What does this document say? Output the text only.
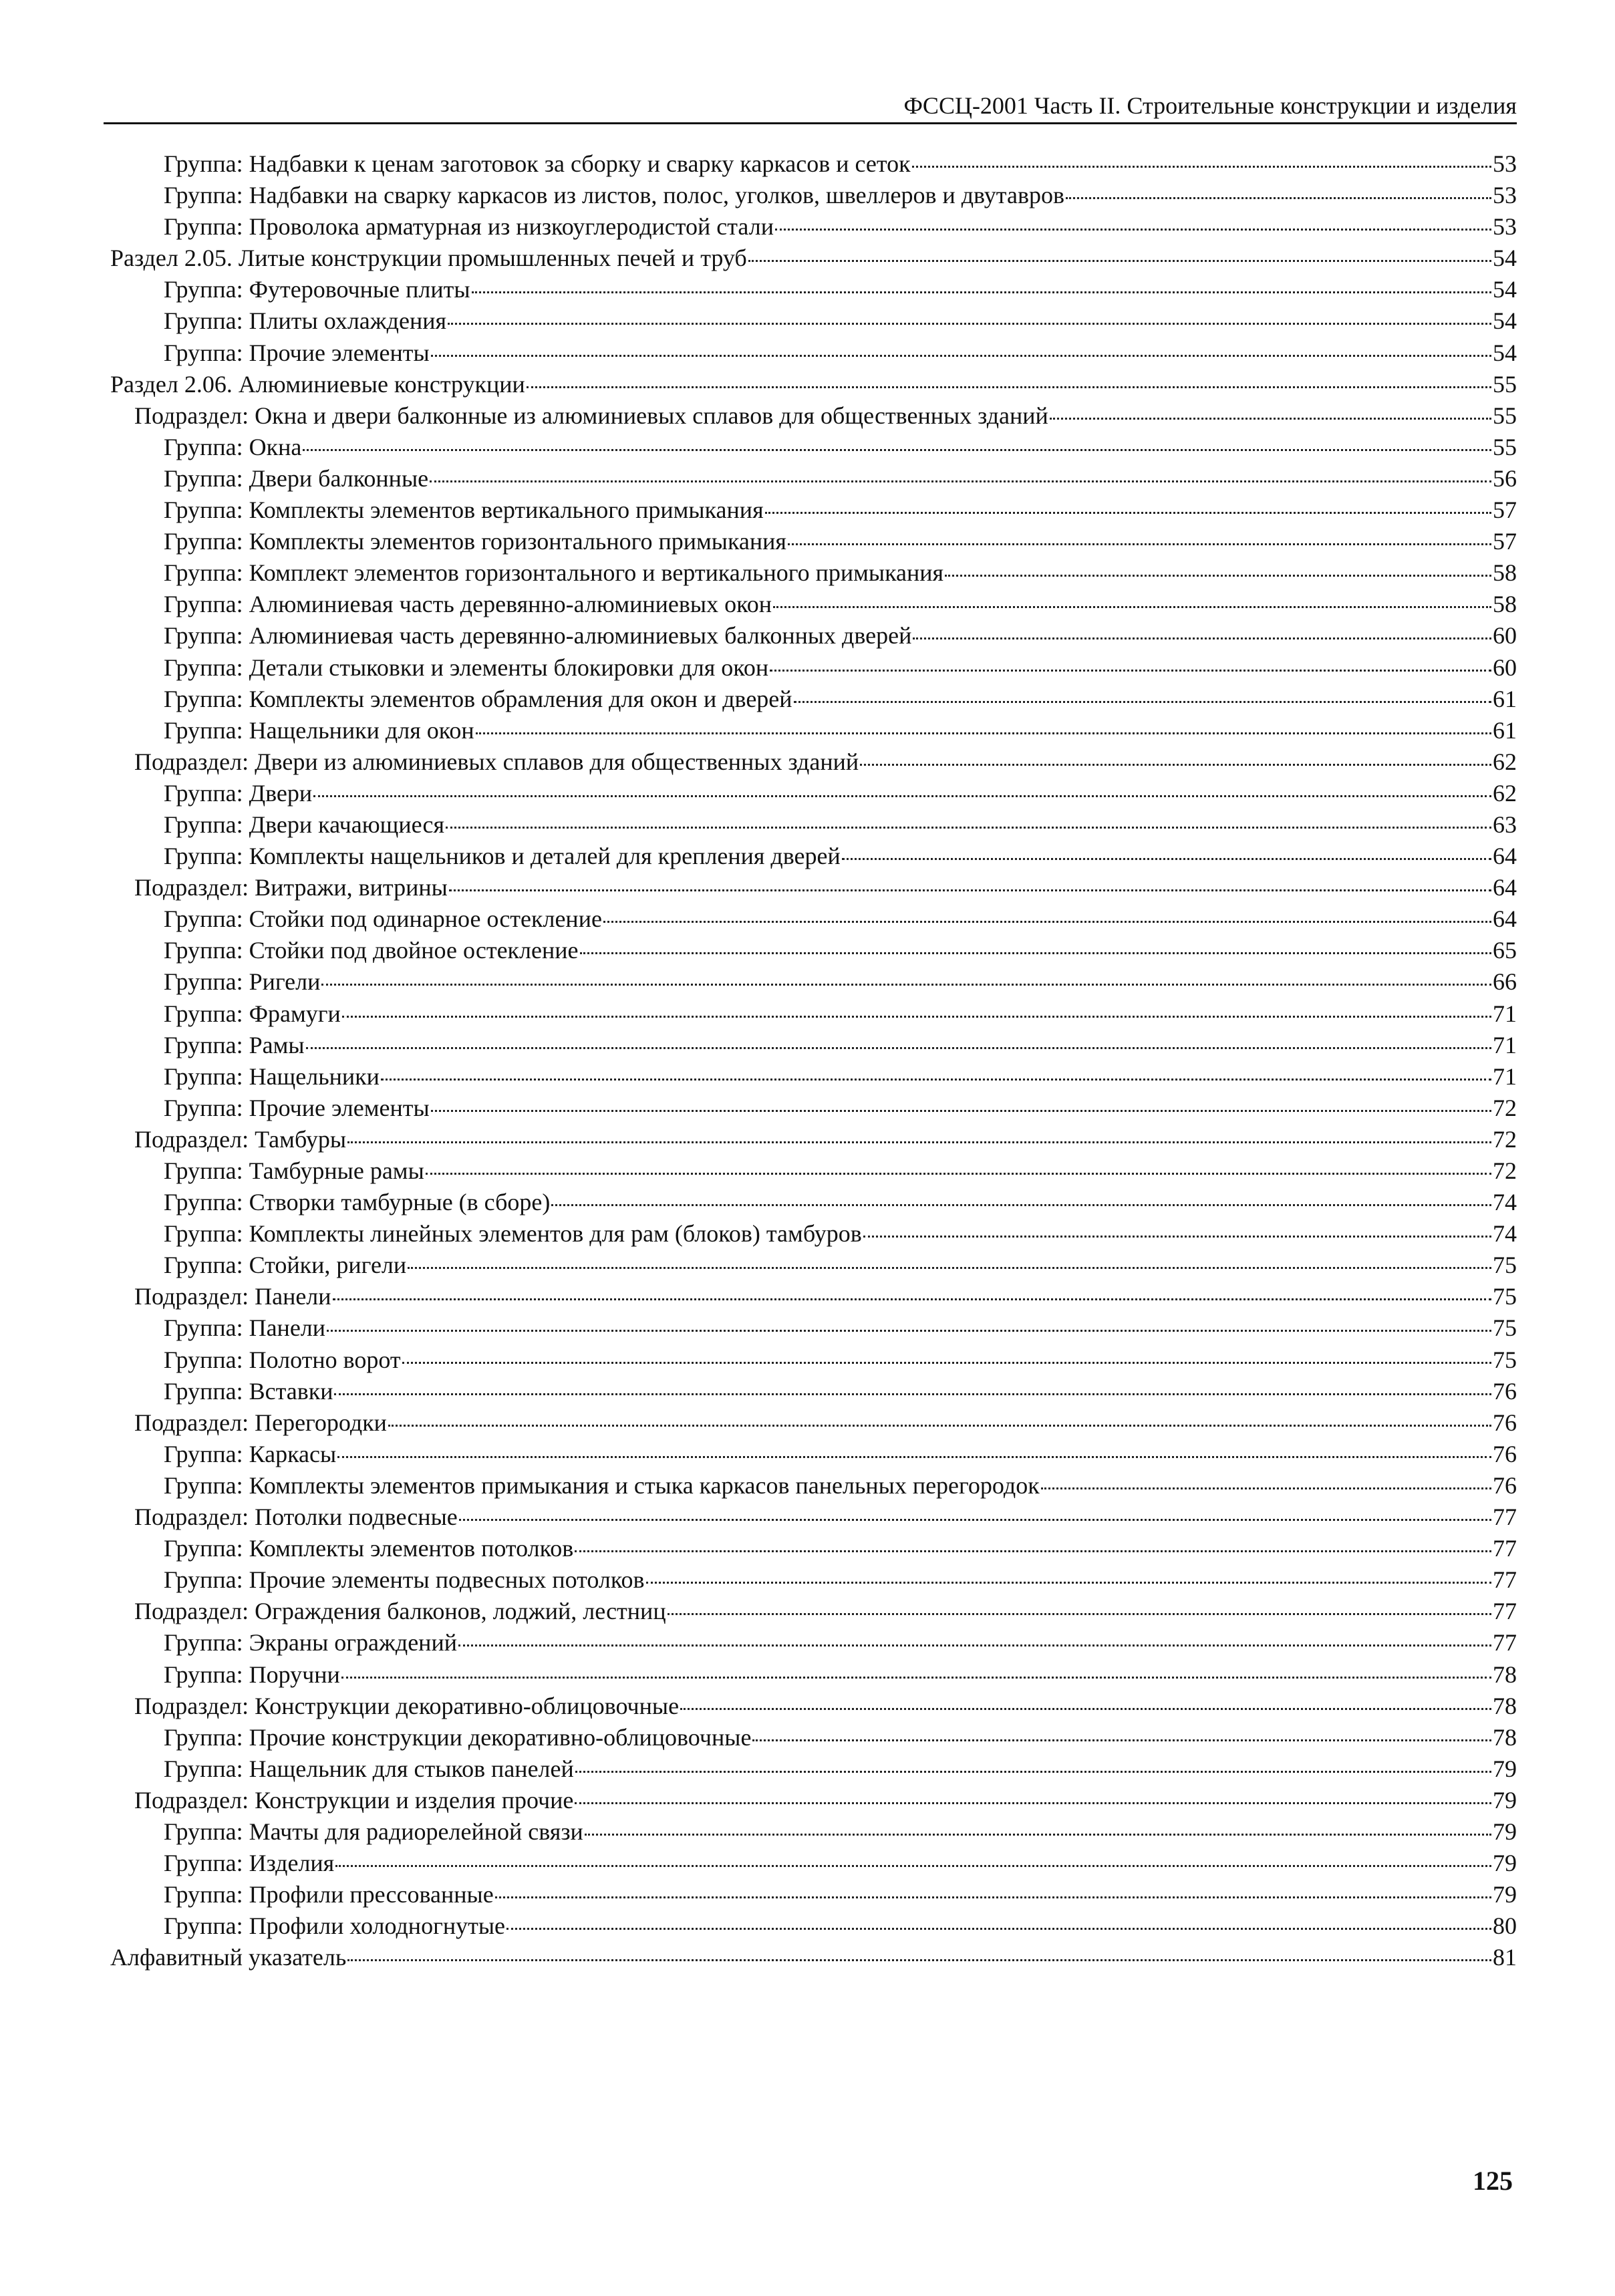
ФССЦ-2001 Часть II. Строительные конструкции и изделия
Группа: Надбавки к ценам заготовок за сборку и сварку каркасов и сеток	53
Группа: Надбавки на сварку каркасов из листов, полос, уголков, швеллеров и двутавров	53
Группа: Проволока арматурная из низкоуглеродистой стали	53
Раздел 2.05. Литые конструкции промышленных печей и труб	54
Группа: Футеровочные плиты	54
Группа: Плиты охлаждения	54
Группа: Прочие элементы	54
Раздел 2.06. Алюминиевые конструкции	55
Подраздел: Окна и двери балконные из алюминиевых сплавов для общественных зданий	55
Группа: Окна	55
Группа: Двери балконные	56
Группа: Комплекты элементов вертикального примыкания	57
Группа: Комплекты элементов горизонтального примыкания	57
Группа: Комплект элементов горизонтального и вертикального примыкания	58
Группа: Алюминиевая часть деревянно-алюминиевых окон	58
Группа: Алюминиевая часть деревянно-алюминиевых балконных дверей	60
Группа: Детали стыковки и элементы блокировки для окон	60
Группа: Комплекты элементов обрамления для окон и дверей	61
Группа: Нащельники для окон	61
Подраздел: Двери из алюминиевых сплавов для общественных зданий	62
Группа: Двери	62
Группа: Двери качающиеся	63
Группа: Комплекты нащельников и деталей для крепления дверей	64
Подраздел: Витражи, витрины	64
Группа: Стойки под одинарное остекление	64
Группа: Стойки под двойное остекление	65
Группа: Ригели	66
Группа: Фрамуги	71
Группа: Рамы	71
Группа: Нащельники	71
Группа: Прочие элементы	72
Подраздел: Тамбуры	72
Группа: Тамбурные рамы	72
Группа: Створки тамбурные (в сборе)	74
Группа: Комплекты линейных элементов для рам (блоков) тамбуров	74
Группа: Стойки, ригели	75
Подраздел: Панели	75
Группа: Панели	75
Группа: Полотно ворот	75
Группа: Вставки	76
Подраздел: Перегородки	76
Группа: Каркасы	76
Группа: Комплекты элементов примыкания и стыка каркасов панельных перегородок	76
Подраздел: Потолки подвесные	77
Группа: Комплекты элементов потолков	77
Группа: Прочие элементы подвесных потолков	77
Подраздел: Ограждения балконов, лоджий, лестниц	77
Группа: Экраны ограждений	77
Группа: Поручни	78
Подраздел: Конструкции декоративно-облицовочные	78
Группа: Прочие конструкции декоративно-облицовочные	78
Группа: Нащельник для стыков панелей	79
Подраздел: Конструкции и изделия прочие	79
Группа: Мачты для радиорелейной связи	79
Группа: Изделия	79
Группа: Профили прессованные	79
Группа: Профили холодногнутые	80
Алфавитный указатель	81
125
